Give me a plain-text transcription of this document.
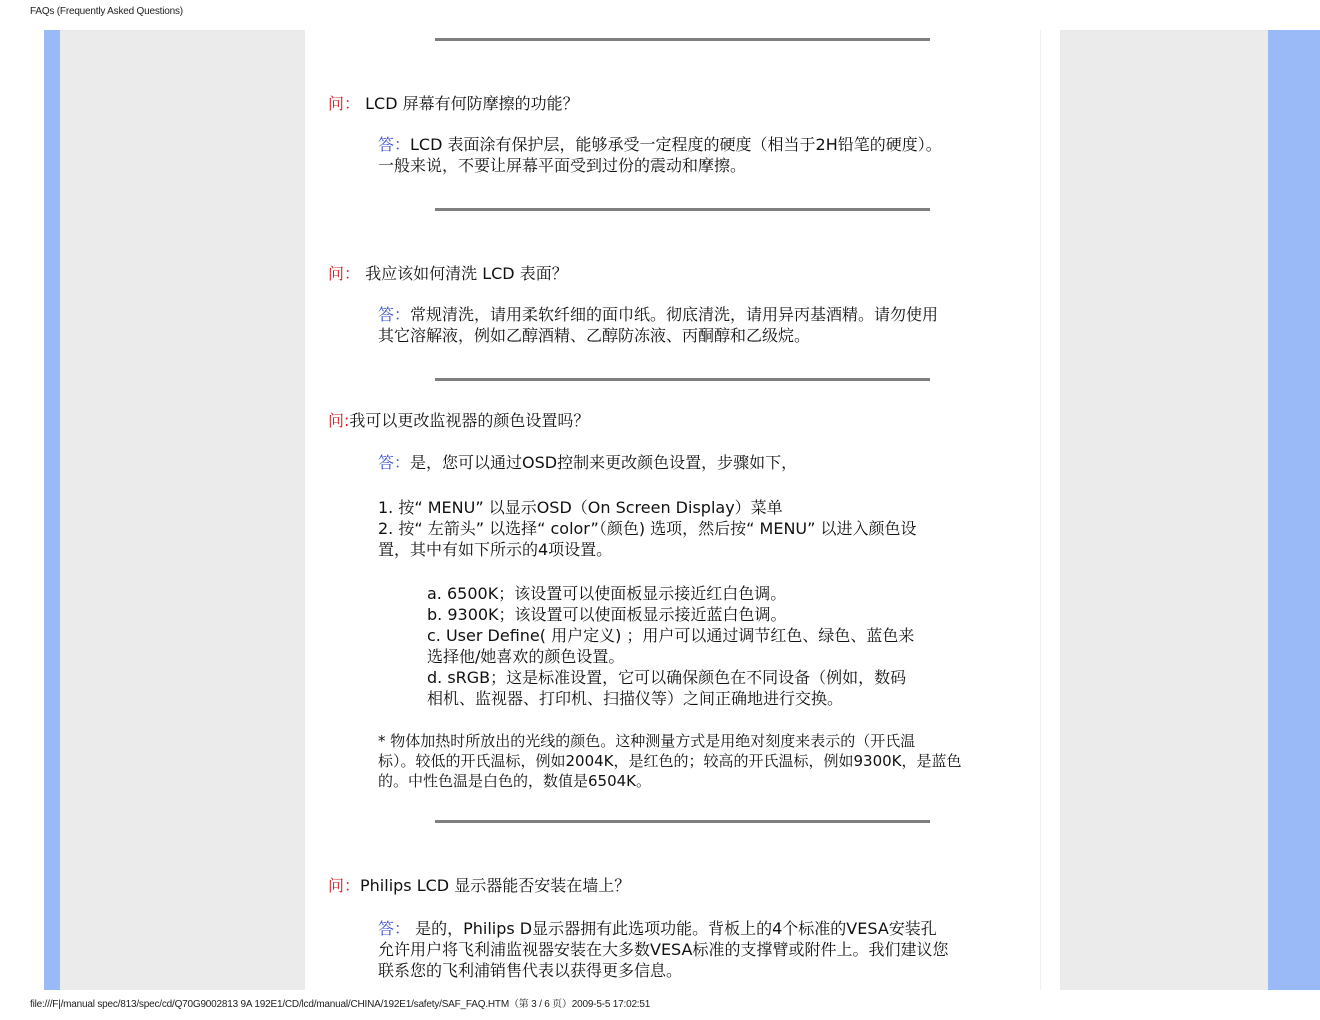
FAQs (Frequently Asked Questions)
问： LCD 屏幕有何防摩擦的功能？
答：LCD 表面涂有保护层，能够承受一定程度的硬度（相当于2H铅笔的硬度）。
一般来说，不要让屏幕平面受到过份的震动和摩擦。
问： 我应该如何清洗 LCD 表面？
答：常规清洗，请用柔软纤细的面巾纸。彻底清洗，请用异丙基酒精。请勿使用
其它溶解液，例如乙醇酒精、乙醇防冻液、丙酮醇和乙级烷。
问:我可以更改监视器的颜色设置吗？
答：是，您可以通过OSD控制来更改颜色设置，步骤如下，
1. 按“ MENU” 以显示OSD（On Screen Display）菜单
2. 按“ 左箭头” 以选择“ color”（颜色) 选项，然后按“ MENU” 以进入颜色设
置，其中有如下所示的4项设置。
a. 6500K；该设置可以使面板显示接近红白色调。
b. 9300K；该设置可以使面板显示接近蓝白色调。
c. User Define( 用户定义) ；用户可以通过调节红色、绿色、蓝色来
选择他/她喜欢的颜色设置。
d. sRGB；这是标准设置，它可以确保颜色在不同设备（例如，数码
相机、监视器、打印机、扫描仪等）之间正确地进行交换。
* 物体加热时所放出的光线的颜色。这种测量方式是用绝对刻度来表示的（开氏温
标）。较低的开氏温标，例如2004K，是红色的；较高的开氏温标，例如9300K，是蓝色
的。中性色温是白色的，数值是6504K。
问：Philips LCD 显示器能否安装在墙上？
答： 是的，Philips D显示器拥有此选项功能。背板上的4个标准的VESA安装孔
允许用户将飞利浦监视器安装在大多数VESA标准的支撑臂或附件上。我们建议您
联系您的飞利浦销售代表以获得更多信息。
file:///F|/manual spec/813/spec/cd/Q70G9002813 9A 192E1/CD/lcd/manual/CHINA/192E1/safety/SAF_FAQ.HTM（第 3 / 6 页）2009-5-5 17:02:51
